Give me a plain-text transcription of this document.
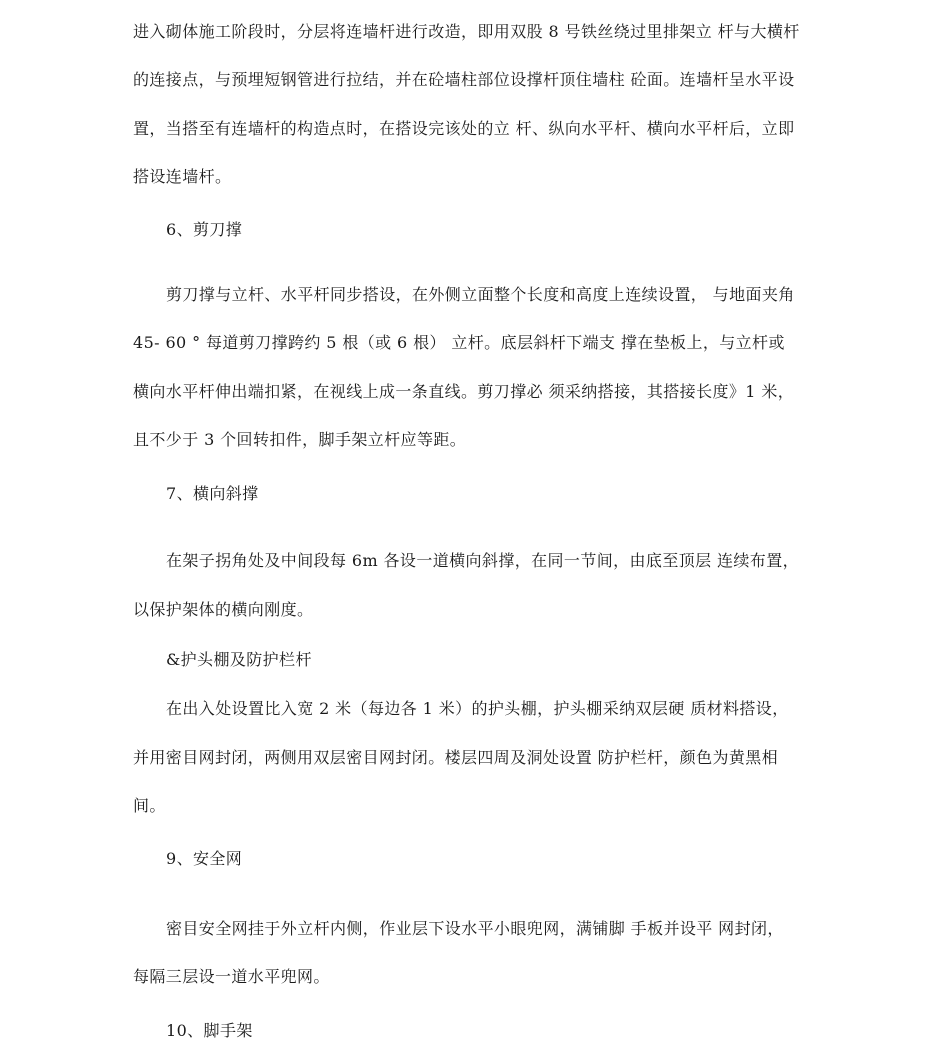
进入砌体施工阶段时，分层将连墙杆进行改造，即用双股 8 号铁丝绕过里排架立 杆与大横杆
的连接点，与预埋短钢管进行拉结，并在砼墙柱部位设撑杆顶住墙柱 砼面。连墙杆呈水平设
置，当搭至有连墙杆的构造点时，在搭设完该处的立 杆、纵向水平杆、横向水平杆后，立即
搭设连墙杆。
6、剪刀撑
剪刀撑与立杆、水平杆同步搭设，在外侧立面整个长度和高度上连续设置， 与地面夹角
45- 60 ° 每道剪刀撑跨约 5 根（或 6 根） 立杆。底层斜杆下端支 撑在垫板上，与立杆或
横向水平杆伸出端扣紧，在视线上成一条直线。剪刀撑必 须采纳搭接，其搭接长度》1 米，
且不少于 3 个回转扣件，脚手架立杆应等距。
7、横向斜撑
在架子拐角处及中间段每 6m 各设一道横向斜撑，在同一节间，由底至顶层 连续布置，
以保护架体的横向刚度。
&护头棚及防护栏杆
在出入处设置比入宽 2 米（每边各 1 米）的护头棚，护头棚采纳双层硬 质材料搭设，
并用密目网封闭，两侧用双层密目网封闭。楼层四周及洞处设置 防护栏杆，颜色为黄黑相
间。
9、安全网
密目安全网挂于外立杆内侧，作业层下设水平小眼兜网，满铺脚 手板并设平 网封闭，
每隔三层设一道水平兜网。
10、脚手架
